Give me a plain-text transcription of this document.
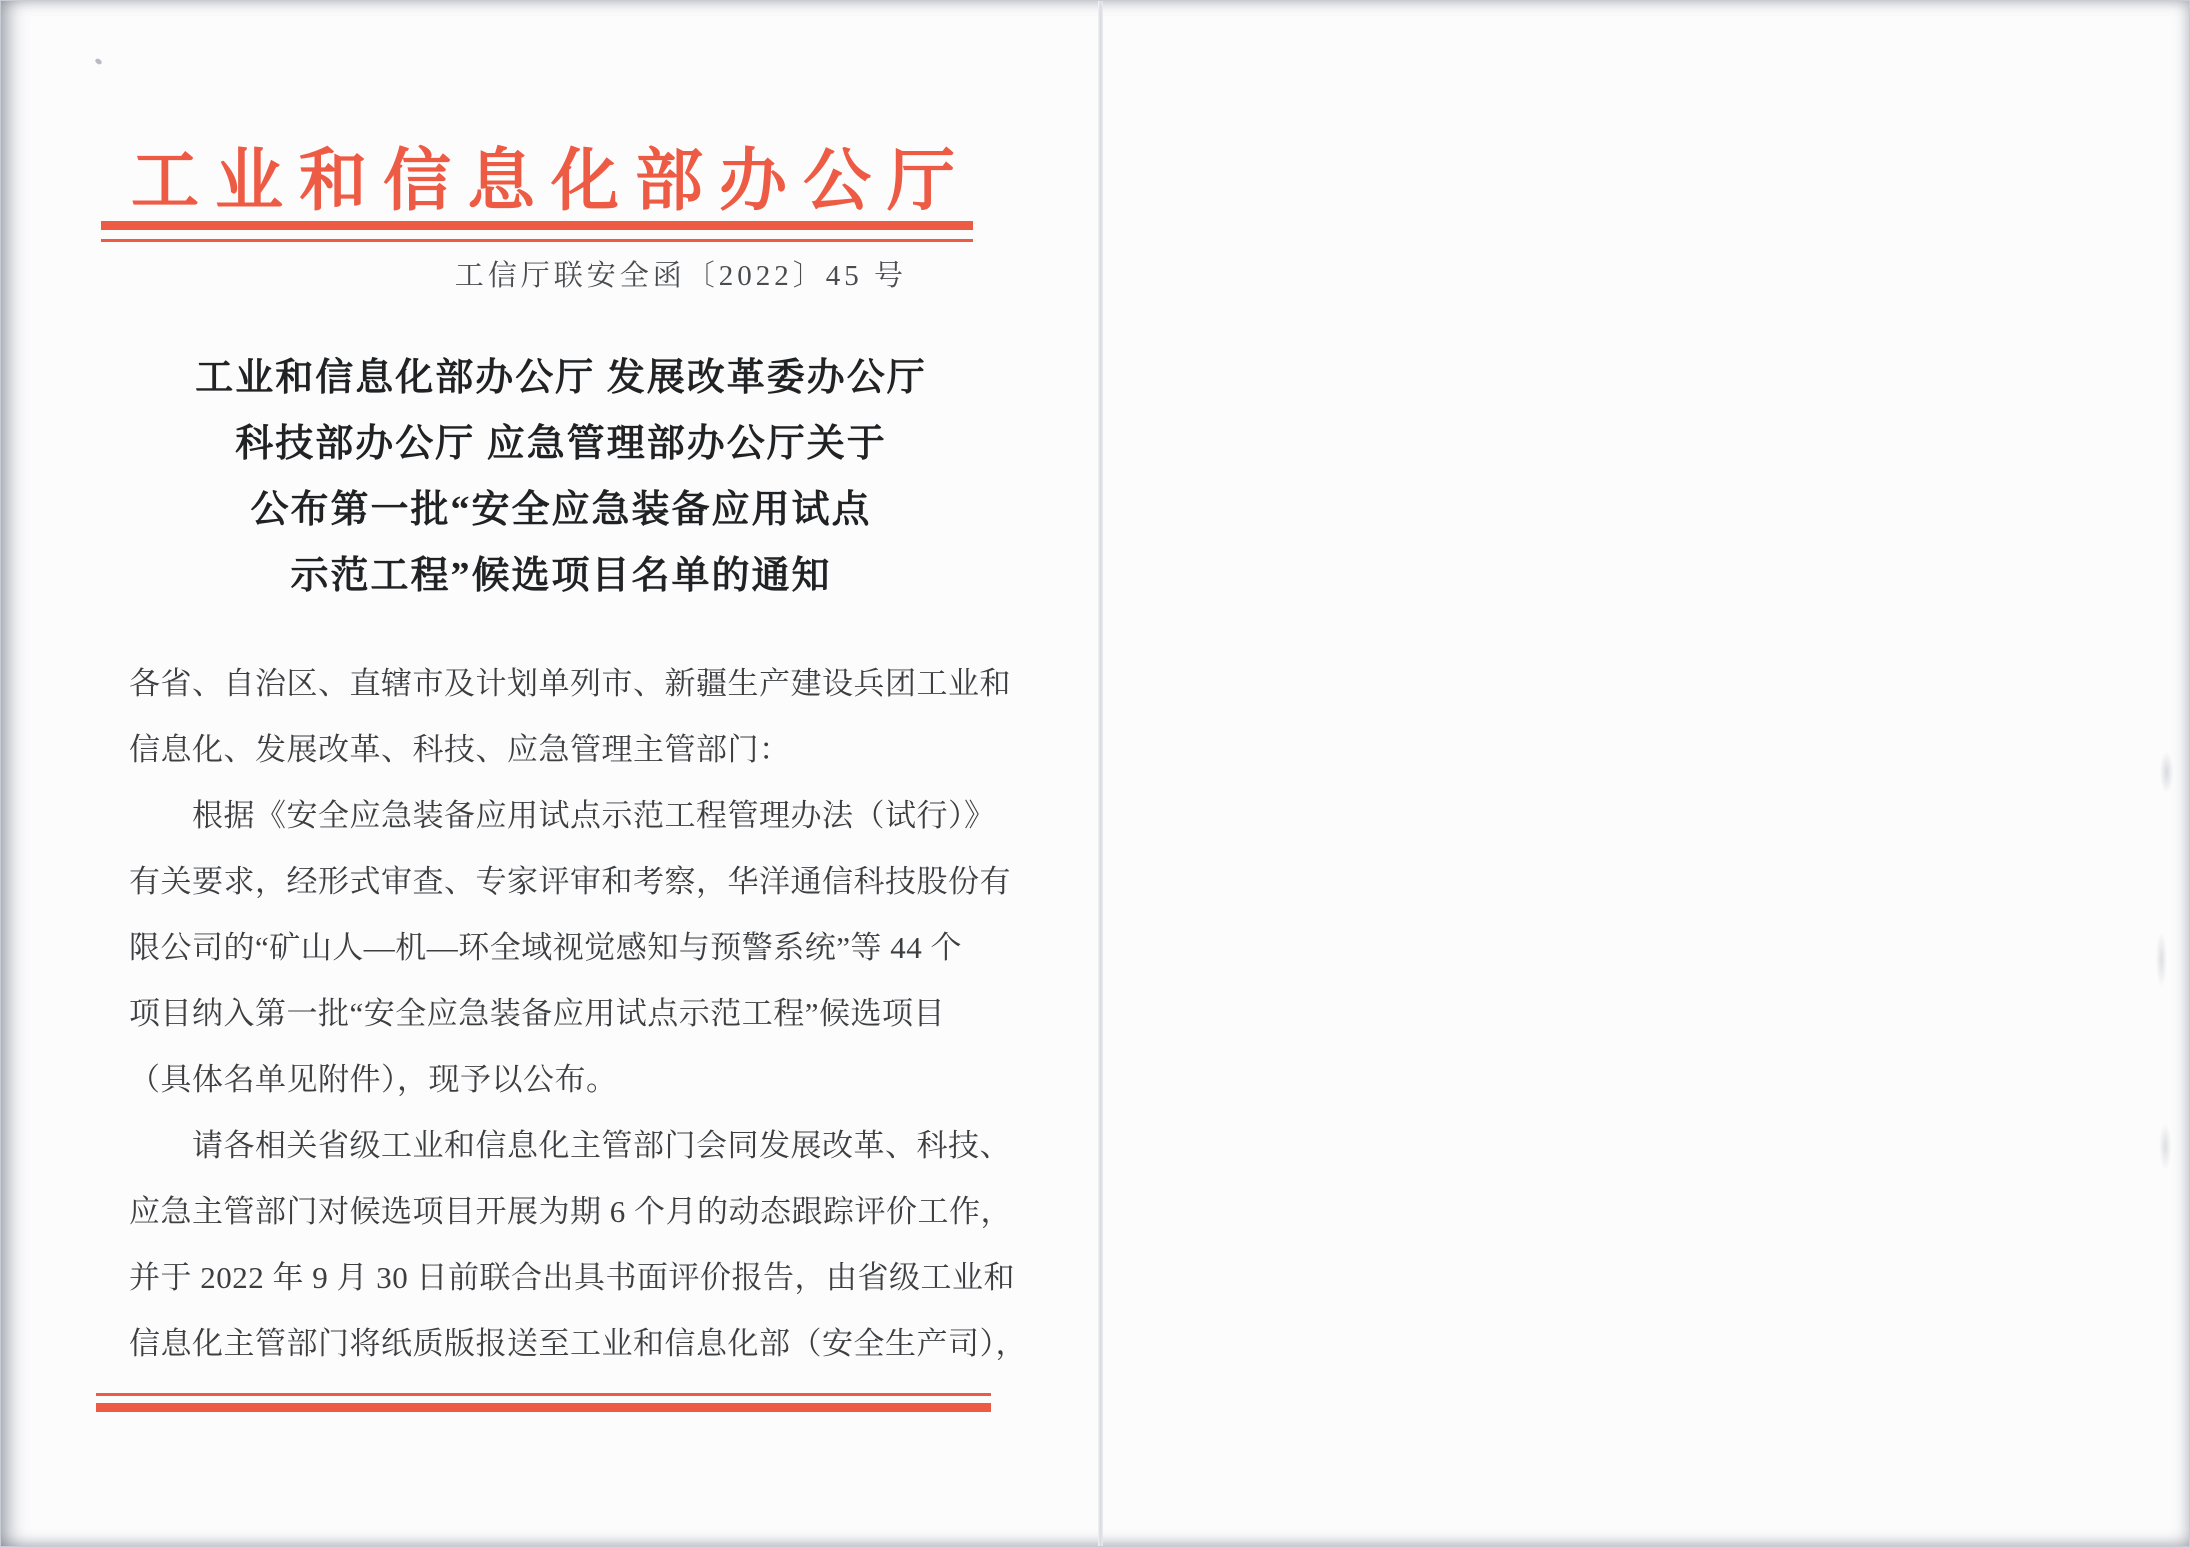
工业和信息化部办公厅
工信厅联安全函〔2022〕45 号
工业和信息化部办公厅 发展改革委办公厅
科技部办公厅 应急管理部办公厅关于
公布第一批“安全应急装备应用试点
示范工程”候选项目名单的通知
各省、自治区、直辖市及计划单列市、新疆生产建设兵团工业和
信息化、发展改革、科技、应急管理主管部门：
　　根据《安全应急装备应用试点示范工程管理办法（试行）》
有关要求，经形式审查、专家评审和考察，华洋通信科技股份有
限公司的“矿山人—机—环全域视觉感知与预警系统”等 44 个
项目纳入第一批“安全应急装备应用试点示范工程”候选项目
（具体名单见附件），现予以公布。
　　请各相关省级工业和信息化主管部门会同发展改革、科技、
应急主管部门对候选项目开展为期 6 个月的动态跟踪评价工作，
并于 2022 年 9 月 30 日前联合出具书面评价报告，由省级工业和
信息化主管部门将纸质版报送至工业和信息化部（安全生产司），
